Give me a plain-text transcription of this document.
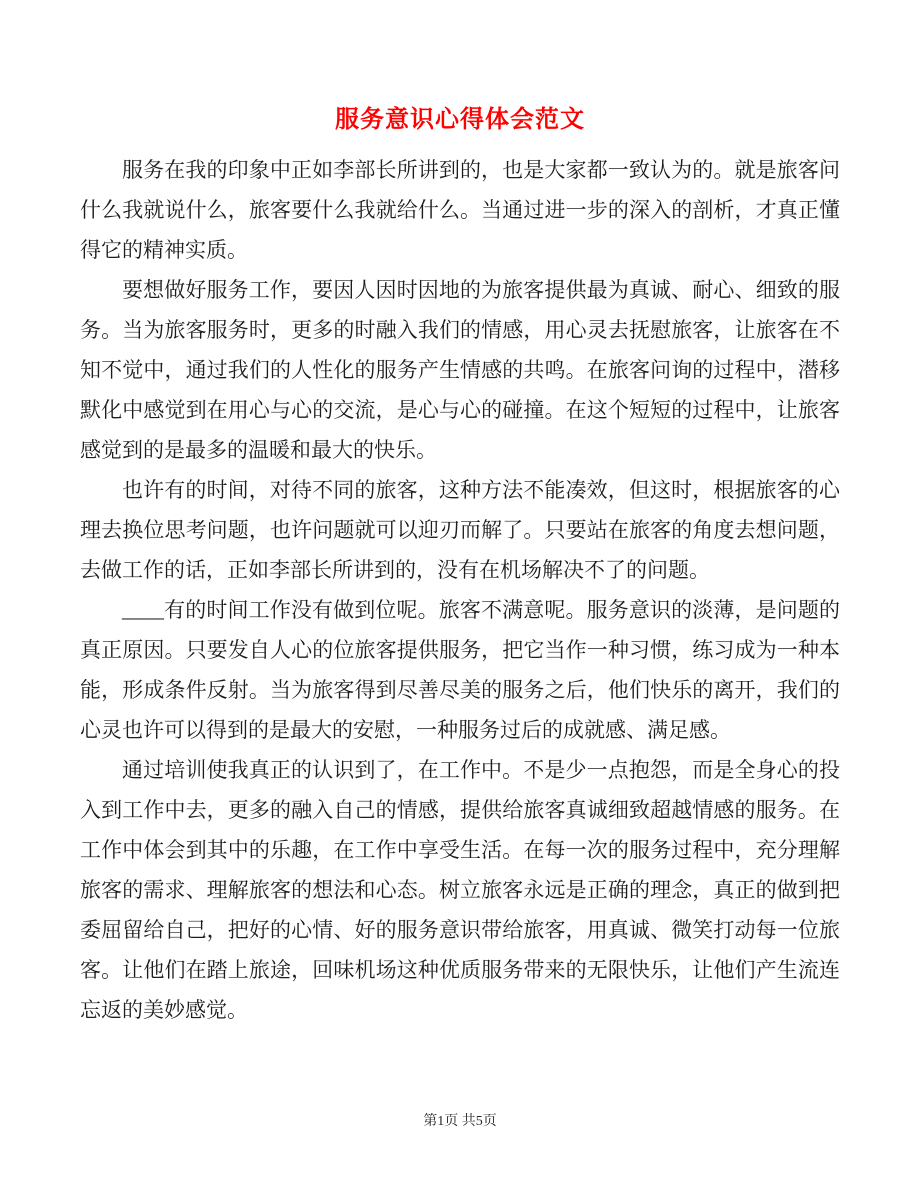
服务意识心得体会范文

服务在我的印象中正如李部长所讲到的，也是大家都一致认为的。就是旅客问什么我就说什么，旅客要什么我就给什么。当通过进一步的深入的剖析，才真正懂得它的精神实质。

要想做好服务工作，要因人因时因地的为旅客提供最为真诚、耐心、细致的服务。当为旅客服务时，更多的时融入我们的情感，用心灵去抚慰旅客，让旅客在不知不觉中，通过我们的人性化的服务产生情感的共鸣。在旅客问询的过程中，潜移默化中感觉到在用心与心的交流，是心与心的碰撞。在这个短短的过程中，让旅客感觉到的是最多的温暖和最大的快乐。

也许有的时间，对待不同的旅客，这种方法不能凑效，但这时，根据旅客的心理去换位思考问题，也许问题就可以迎刃而解了。只要站在旅客的角度去想问题，去做工作的话，正如李部长所讲到的，没有在机场解决不了的问题。

____有的时间工作没有做到位呢。旅客不满意呢。服务意识的淡薄，是问题的真正原因。只要发自人心的位旅客提供服务，把它当作一种习惯，练习成为一种本能，形成条件反射。当为旅客得到尽善尽美的服务之后，他们快乐的离开，我们的心灵也许可以得到的是最大的安慰，一种服务过后的成就感、满足感。

通过培训使我真正的认识到了，在工作中。不是少一点抱怨，而是全身心的投入到工作中去，更多的融入自己的情感，提供给旅客真诚细致超越情感的服务。在工作中体会到其中的乐趣，在工作中享受生活。在每一次的服务过程中，充分理解旅客的需求、理解旅客的想法和心态。树立旅客永远是正确的理念，真正的做到把委屈留给自己，把好的心情、好的服务意识带给旅客，用真诚、微笑打动每一位旅客。让他们在踏上旅途，回味机场这种优质服务带来的无限快乐，让他们产生流连忘返的美妙感觉。

第1页 共5页
